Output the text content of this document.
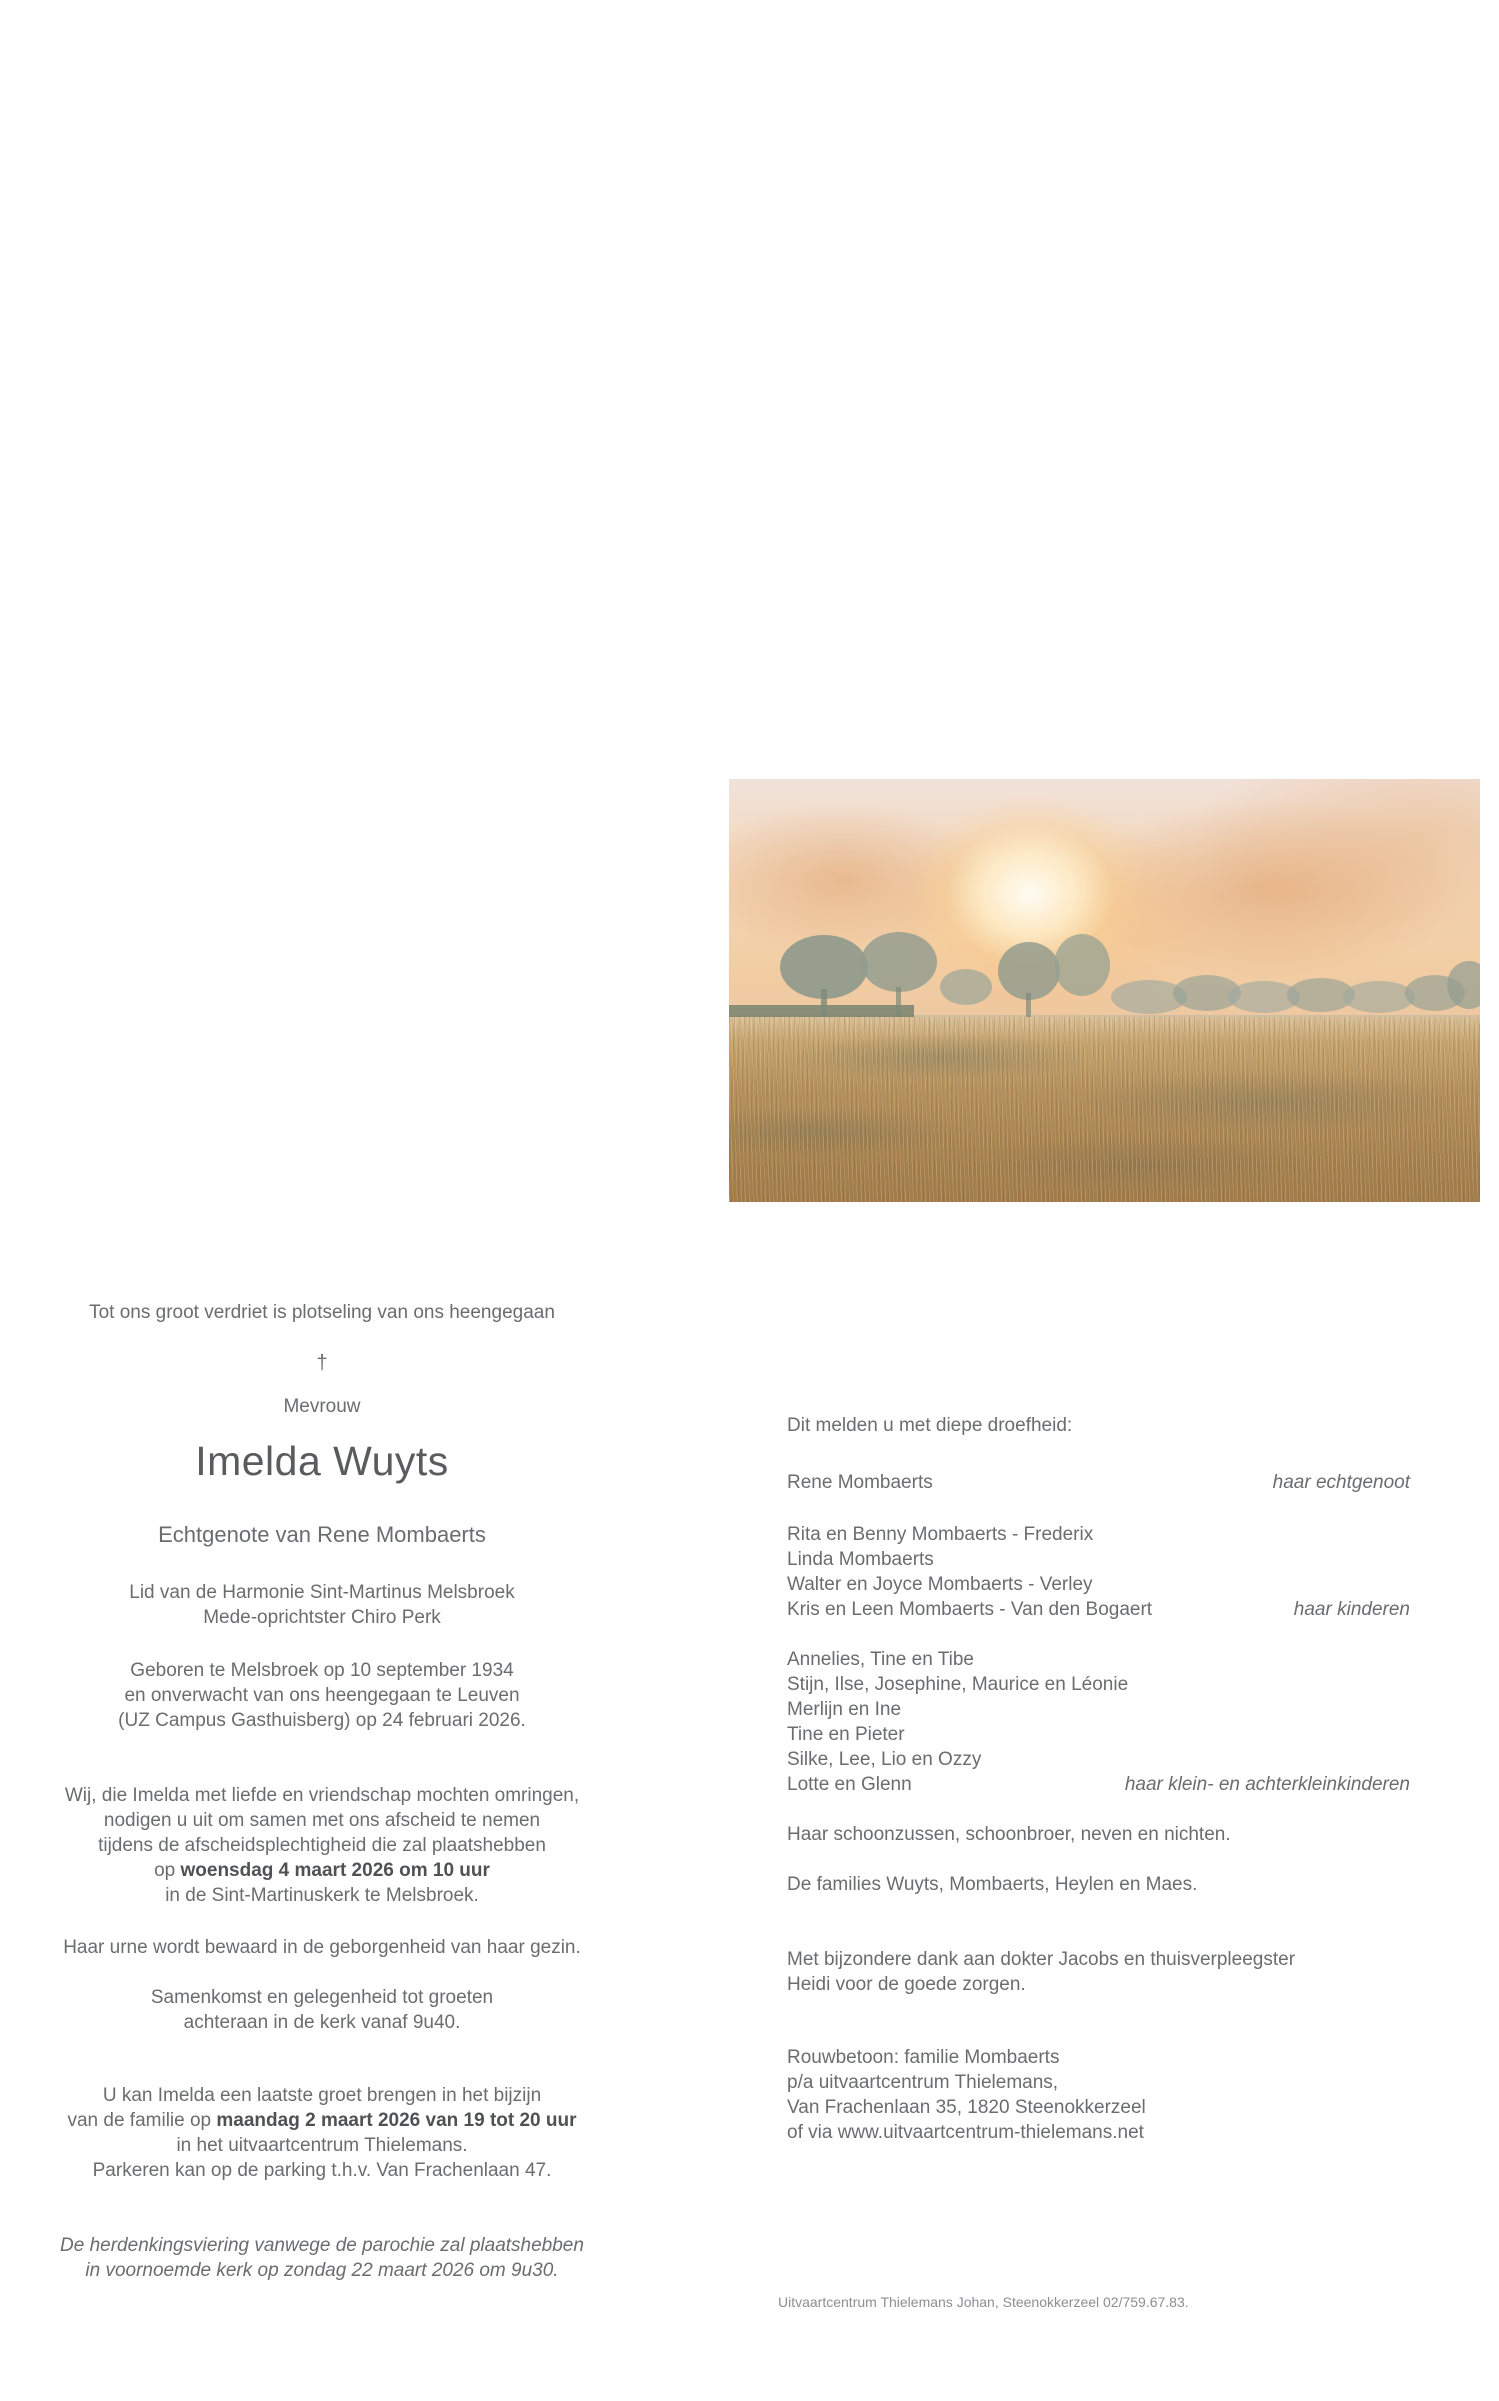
Tot ons groot verdriet is plotseling van ons heengegaan

†

Mevrouw

Imelda Wuyts

Echtgenote van Rene Mombaerts

Lid van de Harmonie Sint-Martinus Melsbroek

Mede-oprichtster Chiro Perk

Geboren te Melsbroek op 10 september 1934

en onverwacht van ons heengegaan te Leuven

(UZ Campus Gasthuisberg) op 24 februari 2026.

Wij, die Imelda met liefde en vriendschap mochten omringen,

nodigen u uit om samen met ons afscheid te nemen

tijdens de afscheidsplechtigheid die zal plaatshebben

op woensdag 4 maart 2026 om 10 uur

in de Sint-Martinuskerk te Melsbroek.

Haar urne wordt bewaard in de geborgenheid van haar gezin.

Samenkomst en gelegenheid tot groeten

achteraan in de kerk vanaf 9u40.

U kan Imelda een laatste groet brengen in het bijzijn

van de familie op maandag 2 maart 2026 van 19 tot 20 uur

in het uitvaartcentrum Thielemans.

Parkeren kan op de parking t.h.v. Van Frachenlaan 47.

De herdenkingsviering vanwege de parochie zal plaatshebben

in voornoemde kerk op zondag 22 maart 2026 om 9u30.

Dit melden u met diepe droefheid:

Rene Mombaerts	haar echtgenoot

Rita en Benny Mombaerts - Frederix

Linda Mombaerts

Walter en Joyce Mombaerts - Verley

Kris en Leen Mombaerts - Van den Bogaert	haar kinderen

Annelies, Tine en Tibe

Stijn, Ilse, Josephine, Maurice en Léonie

Merlijn en Ine

Tine en Pieter

Silke, Lee, Lio en Ozzy

Lotte en Glenn	haar klein- en achterkleinkinderen

Haar schoonzussen, schoonbroer, neven en nichten.

De families Wuyts, Mombaerts, Heylen en Maes.

Met bijzondere dank aan dokter Jacobs en thuisverpleegster

Heidi voor de goede zorgen.

Rouwbetoon: familie Mombaerts

p/a uitvaartcentrum Thielemans,

Van Frachenlaan 35, 1820 Steenokkerzeel

of via www.uitvaartcentrum-thielemans.net

Uitvaartcentrum Thielemans Johan, Steenokkerzeel 02/759.67.83.
